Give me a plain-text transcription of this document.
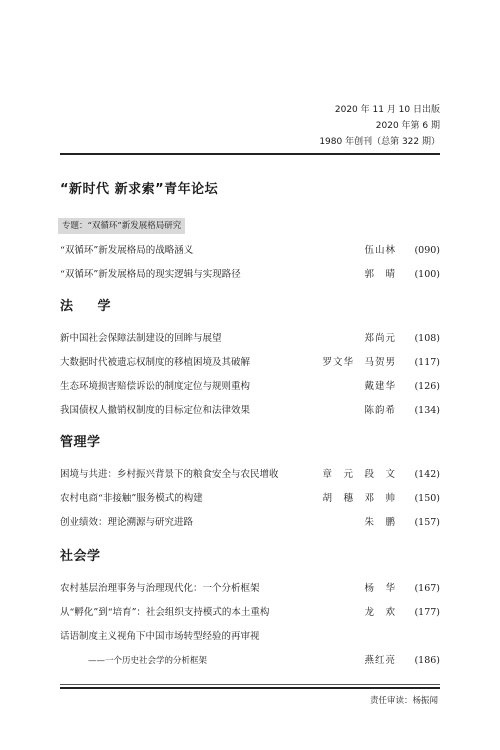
2020 年 11 月 10 日出版
2020 年第 6 期
1980 年创刊（总第 322 期）
“新时代 新求索”青年论坛
专题：“双循环”新发展格局研究
“双循环”新发展格局的战略涵义	伍山林	(090)
“双循环”新发展格局的现实逻辑与实现路径	郭　晴	(100)
法 学
新中国社会保障法制建设的回眸与展望	郑尚元	(108)
大数据时代被遗忘权制度的移植困境及其破解	罗文华　马贺男	(117)
生态环境损害赔偿诉讼的制度定位与规则重构	戴建华	(126)
我国债权人撤销权制度的目标定位和法律效果	陈韵希	(134)
管理学
困境与共进：乡村振兴背景下的粮食安全与农民增收	章　元　段　文	(142)
农村电商“非接触”服务模式的构建	胡　穗　邓　帅	(150)
创业绩效：理论溯源与研究进路	朱　鹏	(157)
社会学
农村基层治理事务与治理现代化：一个分析框架	杨　华	(167)
从“孵化”到“培育”：社会组织支持模式的本土重构	龙　欢	(177)
话语制度主义视角下中国市场转型经验的再审视
——一个历史社会学的分析框架	燕红亮	(186)
责任审读：杨振闻
